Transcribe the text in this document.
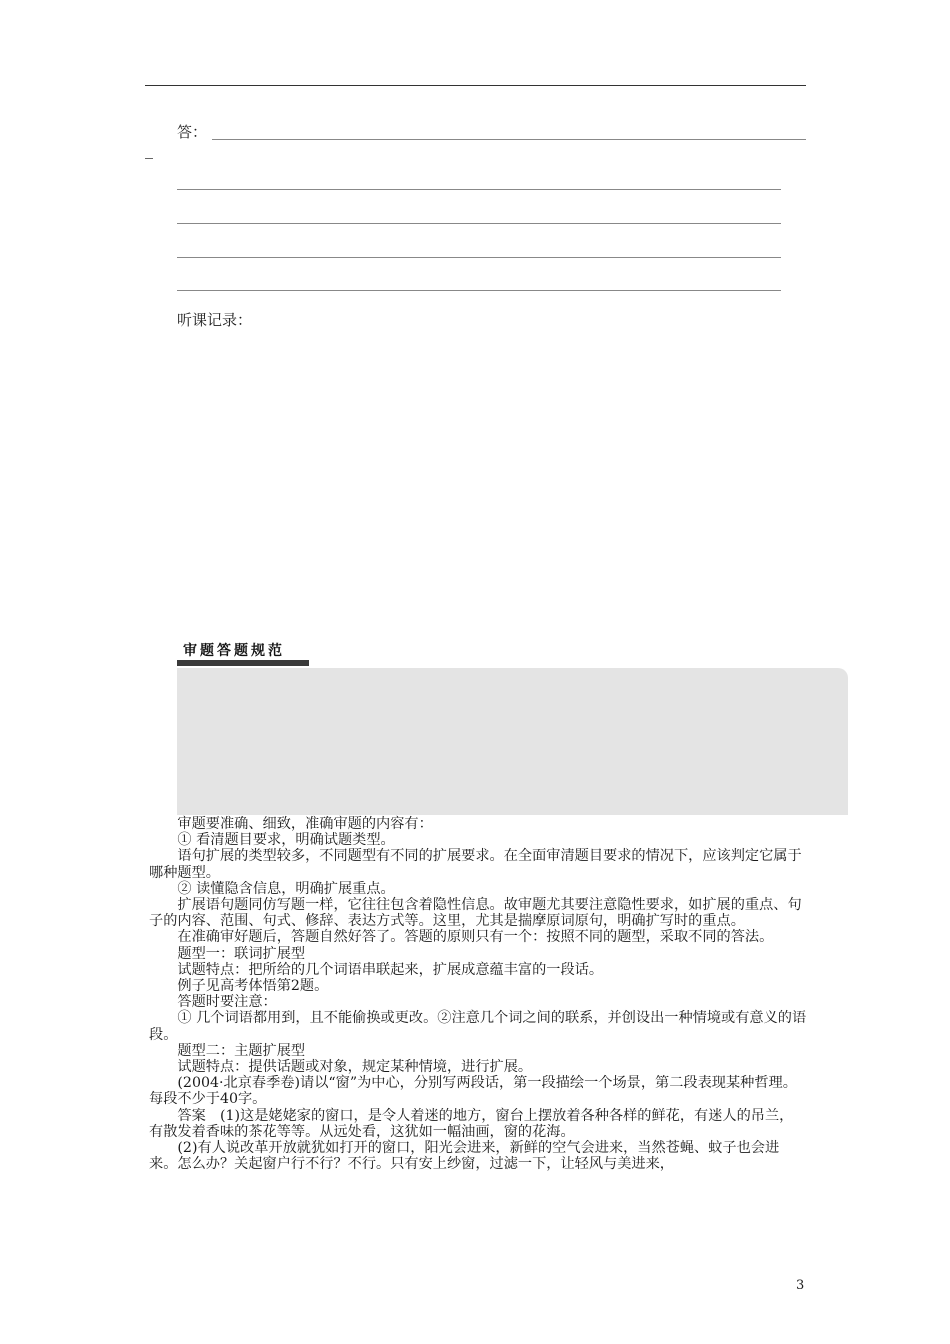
答：
听课记录：
审题答题规范

审题要准确、细致，准确审题的内容有：

① 看清题目要求，明确试题类型。

语句扩展的类型较多，不同题型有不同的扩展要求。在全面审清题目要求的情况下，应该判定它属于哪种题型。

② 读懂隐含信息，明确扩展重点。

扩展语句题同仿写题一样，它往往包含着隐性信息。故审题尤其要注意隐性要求，如扩展的重点、句子的内容、范围、句式、修辞、表达方式等。这里，尤其是揣摩原词原句，明确扩写时的重点。

在准确审好题后，答题自然好答了。答题的原则只有一个：按照不同的题型，采取不同的答法。

题型一：联词扩展型

试题特点：把所给的几个词语串联起来，扩展成意蕴丰富的一段话。

例子见高考体悟第2题。

答题时要注意：

① 几个词语都用到，且不能偷换或更改。②注意几个词之间的联系，并创设出一种情境或有意义的语段。

题型二：主题扩展型

试题特点：提供话题或对象，规定某种情境，进行扩展。

(2004·北京春季卷)请以“窗”为中心，分别写两段话，第一段描绘一个场景，第二段表现某种哲理。每段不少于40字。

答案　(1)这是姥姥家的窗口，是令人着迷的地方，窗台上摆放着各种各样的鲜花，有迷人的吊兰，有散发着香味的茶花等等。从远处看，这犹如一幅油画，窗的花海。

(2)有人说改革开放就犹如打开的窗口，阳光会进来，新鲜的空气会进来，当然苍蝇、蚊子也会进来。怎么办？关起窗户行不行？不行。只有安上纱窗，过滤一下，让轻风与美进来，

3
